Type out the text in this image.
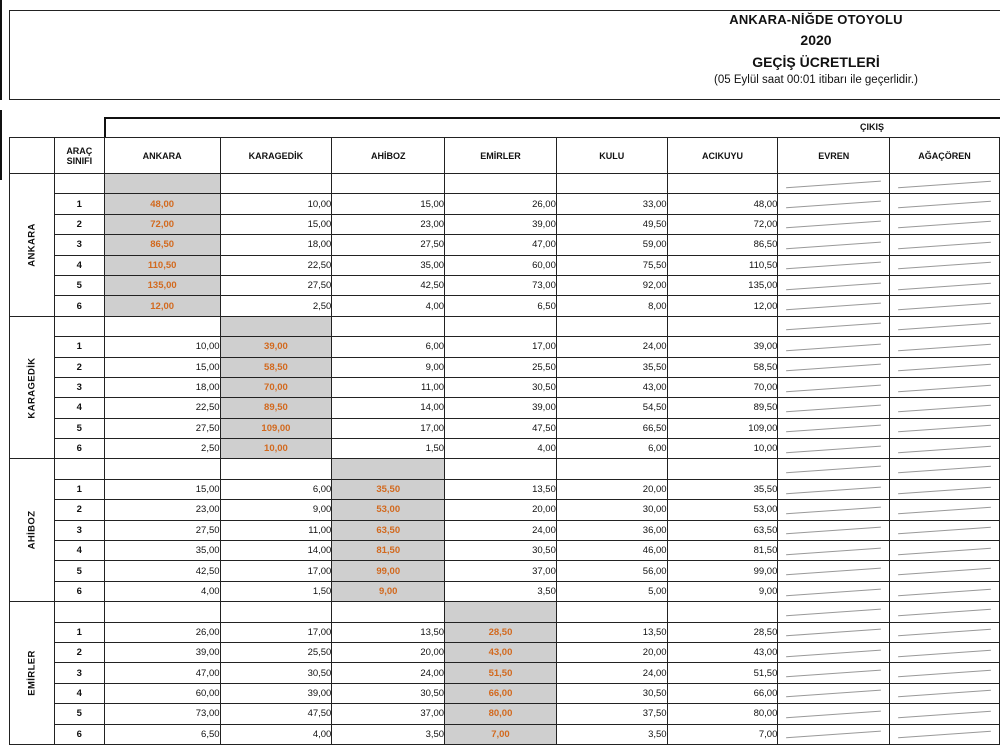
ANKARA-NİĞDE OTOYOLU
2020
GEÇİŞ ÜCRETLERİ
(05 Eylül saat 00:01 itibarı ile geçerlidir.)
ÇIKIŞ
	ARAÇ
SINIFI	ANKARA	KARAGEDİK	AHİBOZ	EMİRLER	KULU	ACIKUYU	EVREN	AĞAÇÖREN

ANKARA									

	1	48,00	10,00	15,00	26,00	33,00	48,00		
	2	72,00	15,00	23,00	39,00	49,50	72,00		
	3	86,50	18,00	27,50	47,00	59,00	86,50		
	4	110,50	22,50	35,00	60,00	75,50	110,50		
	5	135,00	27,50	42,50	73,00	92,00	135,00		
	6	12,00	2,50	4,00	6,50	8,00	12,00		

KARAGEDİK									

	1	10,00	39,00	6,00	17,00	24,00	39,00		
	2	15,00	58,50	9,00	25,50	35,50	58,50		
	3	18,00	70,00	11,00	30,50	43,00	70,00		
	4	22,50	89,50	14,00	39,00	54,50	89,50		
	5	27,50	109,00	17,00	47,50	66,50	109,00		
	6	2,50	10,00	1,50	4,00	6,00	10,00		

AHİBOZ									

	1	15,00	6,00	35,50	13,50	20,00	35,50		
	2	23,00	9,00	53,00	20,00	30,00	53,00		
	3	27,50	11,00	63,50	24,00	36,00	63,50		
	4	35,00	14,00	81,50	30,50	46,00	81,50		
	5	42,50	17,00	99,00	37,00	56,00	99,00		
	6	4,00	1,50	9,00	3,50	5,00	9,00		

EMİRLER									

	1	26,00	17,00	13,50	28,50	13,50	28,50		
	2	39,00	25,50	20,00	43,00	20,00	43,00		
	3	47,00	30,50	24,00	51,50	24,00	51,50		
	4	60,00	39,00	30,50	66,00	30,50	66,00		
	5	73,00	47,50	37,00	80,00	37,50	80,00		
	6	6,50	4,00	3,50	7,00	3,50	7,00		
